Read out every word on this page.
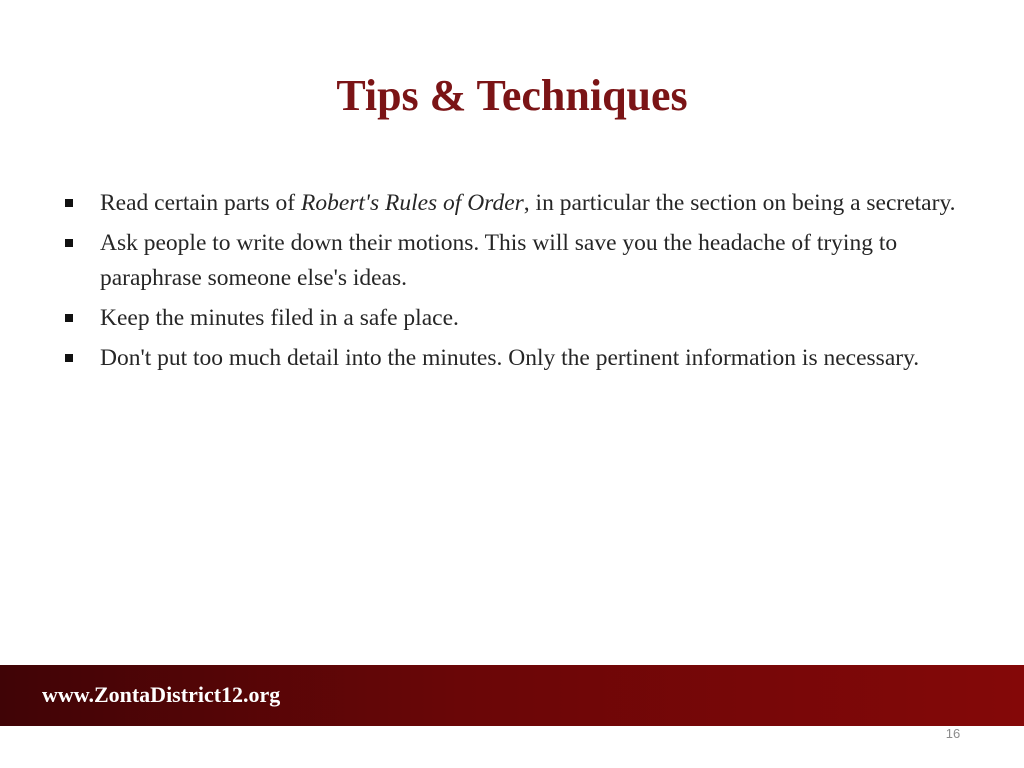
Tips & Techniques
Read certain parts of Robert's Rules of Order, in particular the section on being a secretary.
Ask people to write down their motions. This will save you the headache of trying to paraphrase someone else's ideas.
Keep the minutes filed in a safe place.
Don't put too much detail into the minutes. Only the pertinent information is necessary.
www.ZontaDistrict12.org
16
